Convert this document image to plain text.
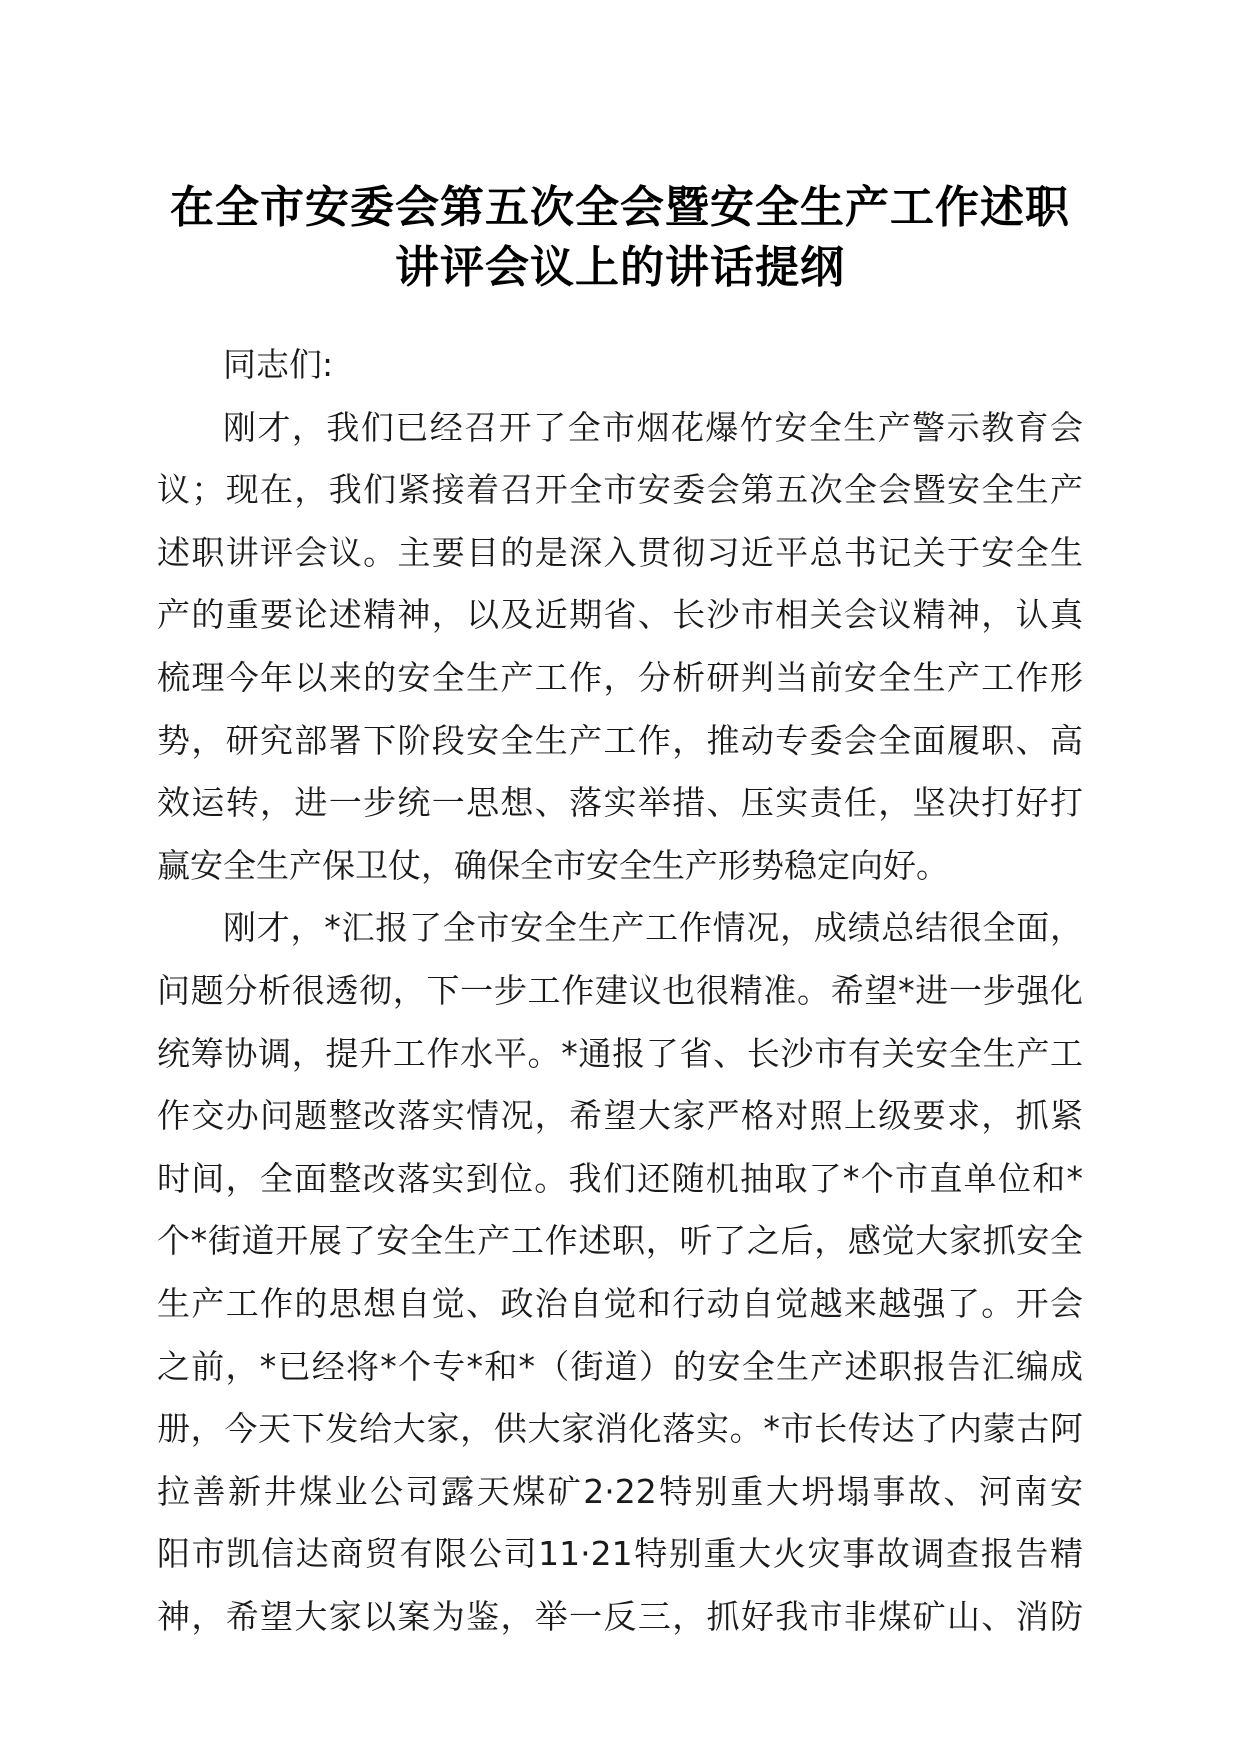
在全市安委会第五次全会暨安全生产工作述职
讲评会议上的讲话提纲

同志们:

刚才，我们已经召开了全市烟花爆竹安全生产警示教育会
议；现在，我们紧接着召开全市安委会第五次全会暨安全生产
述职讲评会议。主要目的是深入贯彻习近平总书记关于安全生
产的重要论述精神，以及近期省、长沙市相关会议精神，认真
梳理今年以来的安全生产工作，分析研判当前安全生产工作形
势，研究部署下阶段安全生产工作，推动专委会全面履职、高
效运转，进一步统一思想、落实举措、压实责任，坚决打好打
赢安全生产保卫仗，确保全市安全生产形势稳定向好。

刚才，*汇报了全市安全生产工作情况，成绩总结很全面，
问题分析很透彻，下一步工作建议也很精准。希望*进一步强化
统筹协调，提升工作水平。*通报了省、长沙市有关安全生产工
作交办问题整改落实情况，希望大家严格对照上级要求，抓紧
时间，全面整改落实到位。我们还随机抽取了*个市直单位和*
个*街道开展了安全生产工作述职，听了之后，感觉大家抓安全
生产工作的思想自觉、政治自觉和行动自觉越来越强了。开会
之前，*已经将*个专*和*（街道）的安全生产述职报告汇编成
册，今天下发给大家，供大家消化落实。*市长传达了内蒙古阿
拉善新井煤业公司露天煤矿2·22特别重大坍塌事故、河南安
阳市凯信达商贸有限公司11·21特别重大火灾事故调查报告精
神，希望大家以案为鉴，举一反三，抓好我市非煤矿山、消防
